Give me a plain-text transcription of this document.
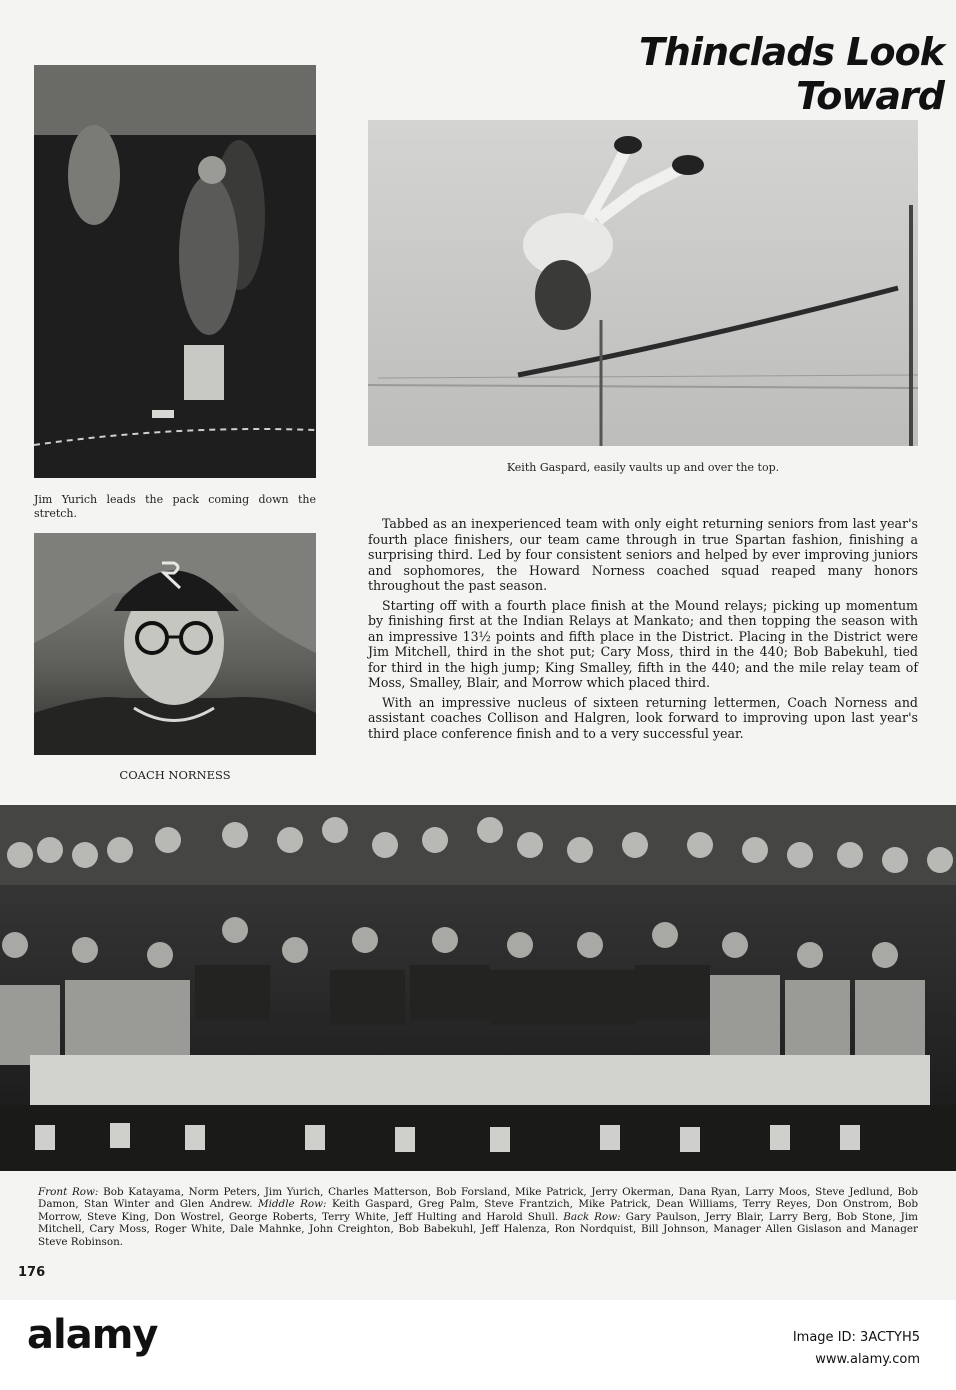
Thinclads Look Toward
Jim Yurich leads the pack coming down the stretch.
Keith Gaspard, easily vaults up and over the top.
COACH NORNESS

Tabbed as an inexperienced team with only eight returning seniors from last year's fourth place finishers, our team came through in true Spartan fashion, finishing a surprising third. Led by four consistent seniors and helped by ever improving juniors and sophomores, the Howard Norness coached squad reaped many honors throughout the past season.

Starting off with a fourth place finish at the Mound relays; picking up momentum by finishing first at the Indian Relays at Mankato; and then topping the season with an impressive 13½ points and fifth place in the District. Placing in the District were Jim Mitchell, third in the shot put; Cary Moss, third in the 440; Bob Babekuhl, tied for third in the high jump; King Smalley, fifth in the 440; and the mile relay team of Moss, Smalley, Blair, and Morrow which placed third.

With an impressive nucleus of sixteen returning lettermen, Coach Norness and assistant coaches Collison and Halgren, look forward to improving upon last year's third place conference finish and to a very successful year.

Front Row: Bob Katayama, Norm Peters, Jim Yurich, Charles Matterson, Bob Forsland, Mike Patrick, Jerry Okerman, Dana Ryan, Larry Moos, Steve Jedlund, Bob Damon, Stan Winter and Glen Andrew. Middle Row: Keith Gaspard, Greg Palm, Steve Frantzich, Mike Patrick, Dean Williams, Terry Reyes, Don Onstrom, Bob Morrow, Steve King, Don Wostrel, George Roberts, Terry White, Jeff Hulting and Harold Shull. Back Row: Gary Paulson, Jerry Blair, Larry Berg, Bob Stone, Jim Mitchell, Cary Moss, Roger White, Dale Mahnke, John Creighton, Bob Babekuhl, Jeff Halenza, Ron Nordquist, Bill Johnson, Manager Allen Gislason and Manager Steve Robinson.
176
alamy	Image ID: 3ACTYH5
www.alamy.com
